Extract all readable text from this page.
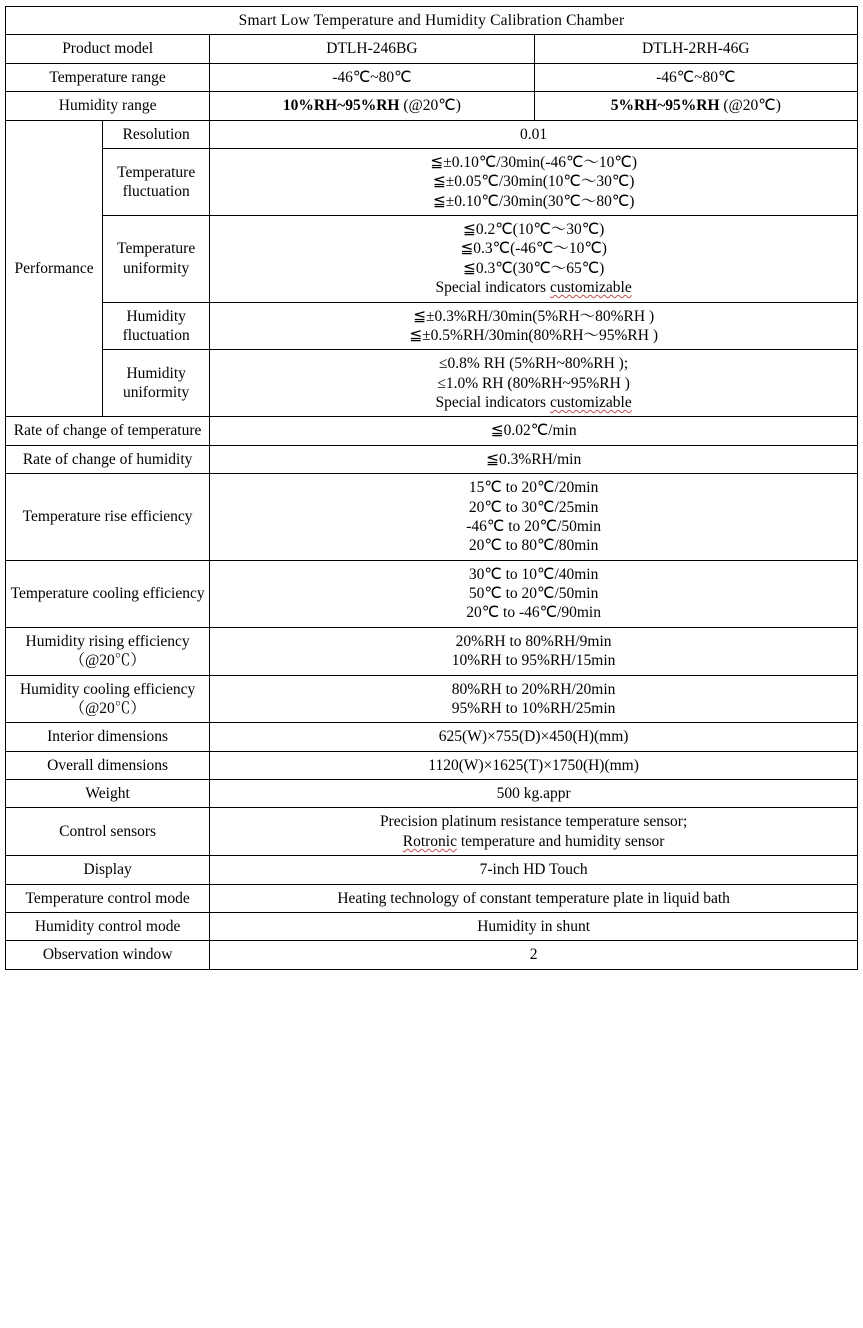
Smart Low Temperature and Humidity Calibration Chamber			
Product model		DTLH-246BG	DTLH-2RH-46G
Temperature range		-46℃~80℃	-46℃~80℃
Humidity range		10%RH~95%RH (@20℃)	5%RH~95%RH (@20℃)
Performance	Resolution	0.01	
	Temperature fluctuation	≦±0.10℃/30min(-46℃～10℃)
≦±0.05℃/30min(10℃～30℃)
≦±0.10℃/30min(30℃～80℃)	

	Temperature uniformity	≦0.2℃(10℃～30℃)
≦0.3℃(-46℃～10℃)
≦0.3℃(30℃～65℃)
Special indicators customizable	

	Humidity fluctuation	≦±0.3%RH/30min(5%RH～80%RH )
≦±0.5%RH/30min(80%RH～95%RH )	

	Humidity uniformity	≤0.8% RH (5%RH~80%RH );
≤1.0% RH (80%RH~95%RH )
Special indicators customizable	

Rate of change of temperature		≦0.02℃/min	
Rate of change of humidity		≦0.3%RH/min	
Temperature rise efficiency		15℃ to 20℃/20min
20℃ to 30℃/25min
-46℃ to 20℃/50min
20℃ to 80℃/80min	

Temperature cooling efficiency		30℃ to 10℃/40min
50℃ to 20℃/50min
20℃ to -46℃/90min	

Humidity rising efficiency（@20℃）		20%RH to 80%RH/9min
10%RH to 95%RH/15min	

Humidity cooling efficiency（@20℃）		80%RH to 20%RH/20min
95%RH to 10%RH/25min	

Interior dimensions		625(W)×755(D)×450(H)(mm)	
Overall dimensions		1120(W)×1625(T)×1750(H)(mm)	
Weight		500 kg.appr	
Control sensors		Precision platinum resistance temperature sensor;
Rotronic temperature and humidity sensor	

Display		7-inch HD Touch	
Temperature control mode		Heating technology of constant temperature plate in liquid bath	
Humidity control mode		Humidity in shunt	
Observation window		2	
